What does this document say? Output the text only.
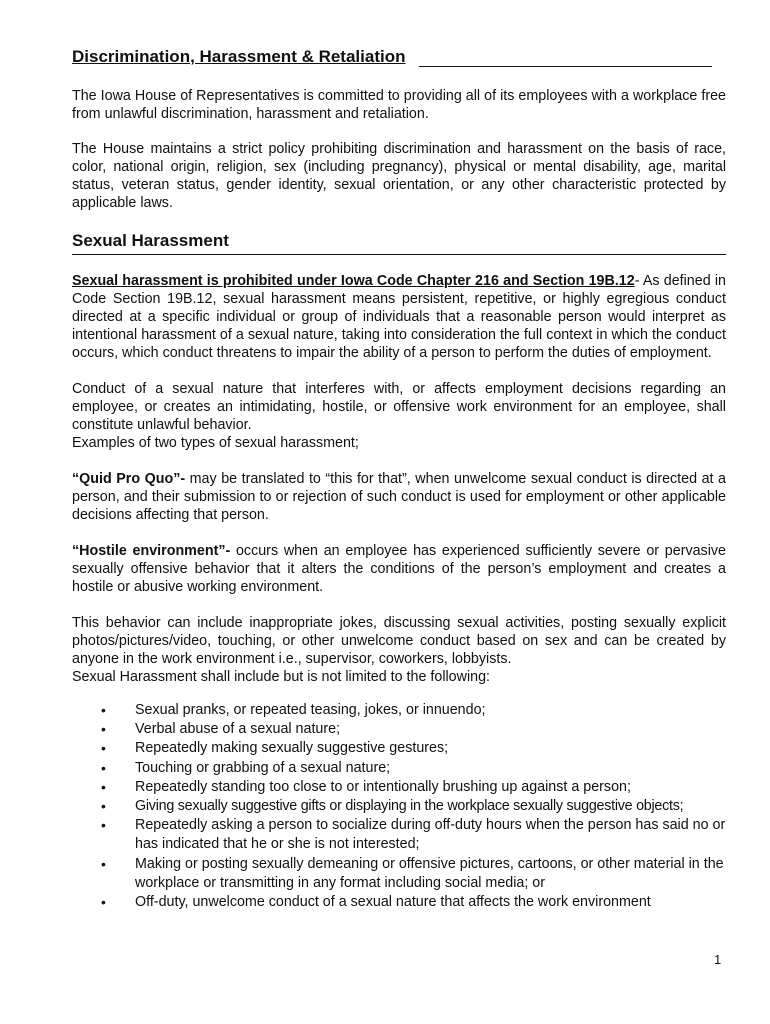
Discrimination, Harassment & Retaliation

The Iowa House of Representatives is committed to providing all of its employees with a workplace free from unlawful discrimination, harassment and retaliation.

The House maintains a strict policy prohibiting discrimination and harassment on the basis of race, color, national origin, religion, sex (including pregnancy), physical or mental disability, age, marital status, veteran status, gender identity, sexual orientation, or any other characteristic protected by applicable laws.

Sexual Harassment

Sexual harassment is prohibited under Iowa Code Chapter 216 and Section 19B.12- As defined in Code Section 19B.12, sexual harassment means persistent, repetitive, or highly egregious conduct directed at a specific individual or group of individuals that a reasonable person would interpret as intentional harassment of a sexual nature, taking into consideration the full context in which the conduct occurs, which conduct threatens to impair the ability of a person to perform the duties of employment.

Conduct of a sexual nature that interferes with, or affects employment decisions regarding an employee, or creates an intimidating, hostile, or offensive work environment for an employee, shall constitute unlawful behavior.

Examples of two types of sexual harassment;

“Quid Pro Quo”- may be translated to “this for that”, when unwelcome sexual conduct is directed at a person, and their submission to or rejection of such conduct is used for employment or other applicable decisions affecting that person.

“Hostile environment”- occurs when an employee has experienced sufficiently severe or pervasive sexually offensive behavior that it alters the conditions of the person’s employment and creates a hostile or abusive working environment.

This behavior can include inappropriate jokes, discussing sexual activities, posting sexually explicit photos/pictures/video, touching, or other unwelcome conduct based on sex and can be created by anyone in the work environment i.e., supervisor, coworkers, lobbyists.

Sexual Harassment shall include but is not limited to the following:

• Sexual pranks, or repeated teasing, jokes, or innuendo;
• Verbal abuse of a sexual nature;
• Repeatedly making sexually suggestive gestures;
• Touching or grabbing of a sexual nature;
• Repeatedly standing too close to or intentionally brushing up against a person;
• Giving sexually suggestive gifts or displaying in the workplace sexually suggestive objects;
• Repeatedly asking a person to socialize during off-duty hours when the person has said no or has indicated that he or she is not interested;
• Making or posting sexually demeaning or offensive pictures, cartoons, or other material in the workplace or transmitting in any format including social media; or
• Off-duty, unwelcome conduct of a sexual nature that affects the work environment
1
